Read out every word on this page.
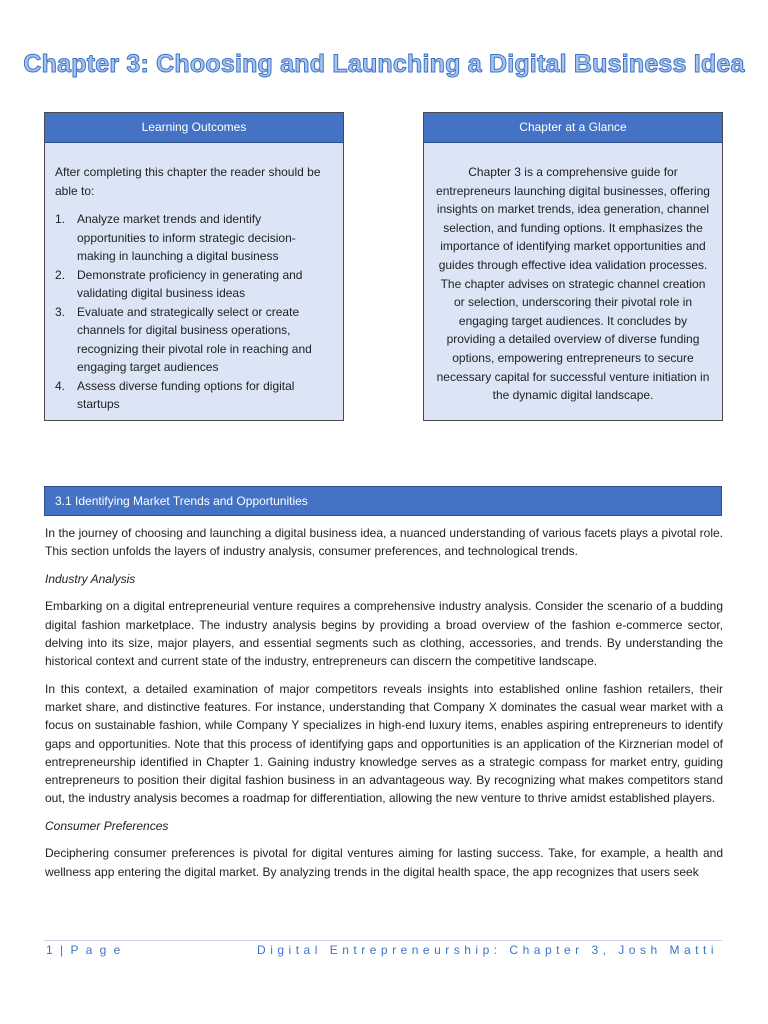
Chapter 3: Choosing and Launching a Digital Business Idea
Learning Outcomes

After completing this chapter the reader should be able to:

1. Analyze market trends and identify opportunities to inform strategic decision-making in launching a digital business
2. Demonstrate proficiency in generating and validating digital business ideas
3. Evaluate and strategically select or create channels for digital business operations, recognizing their pivotal role in reaching and engaging target audiences
4. Assess diverse funding options for digital startups
Chapter at a Glance
Chapter 3 is a comprehensive guide for entrepreneurs launching digital businesses, offering insights on market trends, idea generation, channel selection, and funding options. It emphasizes the importance of identifying market opportunities and guides through effective idea validation processes. The chapter advises on strategic channel creation or selection, underscoring their pivotal role in engaging target audiences. It concludes by providing a detailed overview of diverse funding options, empowering entrepreneurs to secure necessary capital for successful venture initiation in the dynamic digital landscape.
3.1 Identifying Market Trends and Opportunities

In the journey of choosing and launching a digital business idea, a nuanced understanding of various facets plays a pivotal role. This section unfolds the layers of industry analysis, consumer preferences, and technological trends.

Industry Analysis

Embarking on a digital entrepreneurial venture requires a comprehensive industry analysis. Consider the scenario of a budding digital fashion marketplace. The industry analysis begins by providing a broad overview of the fashion e-commerce sector, delving into its size, major players, and essential segments such as clothing, accessories, and trends. By understanding the historical context and current state of the industry, entrepreneurs can discern the competitive landscape.

In this context, a detailed examination of major competitors reveals insights into established online fashion retailers, their market share, and distinctive features. For instance, understanding that Company X dominates the casual wear market with a focus on sustainable fashion, while Company Y specializes in high-end luxury items, enables aspiring entrepreneurs to identify gaps and opportunities. Note that this process of identifying gaps and opportunities is an application of the Kirznerian model of entrepreneurship identified in Chapter 1. Gaining industry knowledge serves as a strategic compass for market entry, guiding entrepreneurs to position their digital fashion business in an advantageous way. By recognizing what makes competitors stand out, the industry analysis becomes a roadmap for differentiation, allowing the new venture to thrive amidst established players.

Consumer Preferences

Deciphering consumer preferences is pivotal for digital ventures aiming for lasting success. Take, for example, a health and wellness app entering the digital market. By analyzing trends in the digital health space, the app recognizes that users seek

1 | P a g e	Digital Entrepreneurship: Chapter 3, Josh Matti
